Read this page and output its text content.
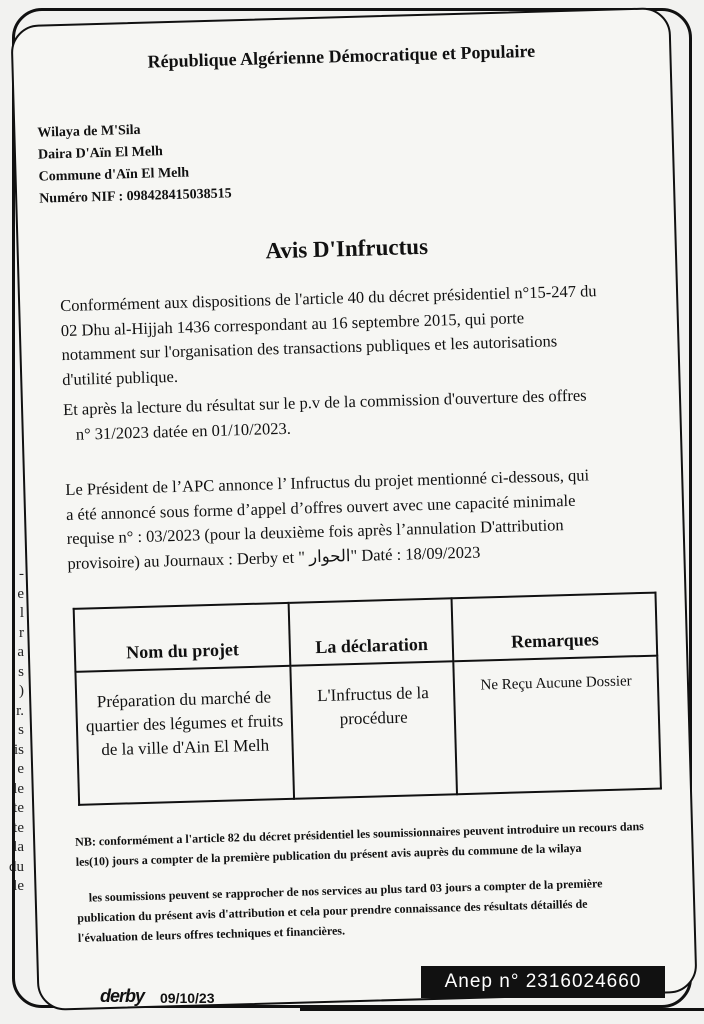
-
e
l
r
a
s
)
r.
s
is
e
le
te
te
la
du
le
République Algérienne Démocratique et Populaire
Wilaya de M'Sila
Daira D'Aïn El Melh
Commune d'Aïn El Melh
Numéro NIF : 098428415038515
Avis D'Infructus
Conformément aux dispositions de l'article 40 du décret présidentiel n°15-247 du
02 Dhu al-Hijjah 1436 correspondant au 16 septembre 2015, qui porte
notamment sur l'organisation des transactions publiques et les autorisations
d'utilité publique.
Et après la lecture du résultat sur le p.v de la commission d'ouverture des offres
n° 31/2023 datée en 01/10/2023.
Le Président de l’APC annonce l’ Infructus du projet mentionné ci-dessous, qui
a été annoncé sous forme d’appel d’offres ouvert avec une capacité minimale
requise n° : 03/2023 (pour la deuxième fois après l’annulation D'attribution
provisoire) au Journaux : Derby et " الحوار" Daté : 18/09/2023
Nom du projet	La déclaration	Remarques
Préparation du marché de quartier des légumes et fruits de la ville d'Ain El Melh	L'Infructus de la procédure	Ne Reçu Aucune Dossier
NB: conformément a l'article 82 du décret présidentiel les soumissionnaires peuvent introduire un recours dans les(10) jours a compter de la première publication du présent avis auprès du commune de la wilaya
les soumissions peuvent se rapprocher de nos services au plus tard 03 jours a compter de la première publication du présent avis d'attribution et cela pour prendre connaissance des résultats détaillés de l'évaluation de leurs offres techniques et financières.
derby 09/10/23
Anep n° 2316024660
